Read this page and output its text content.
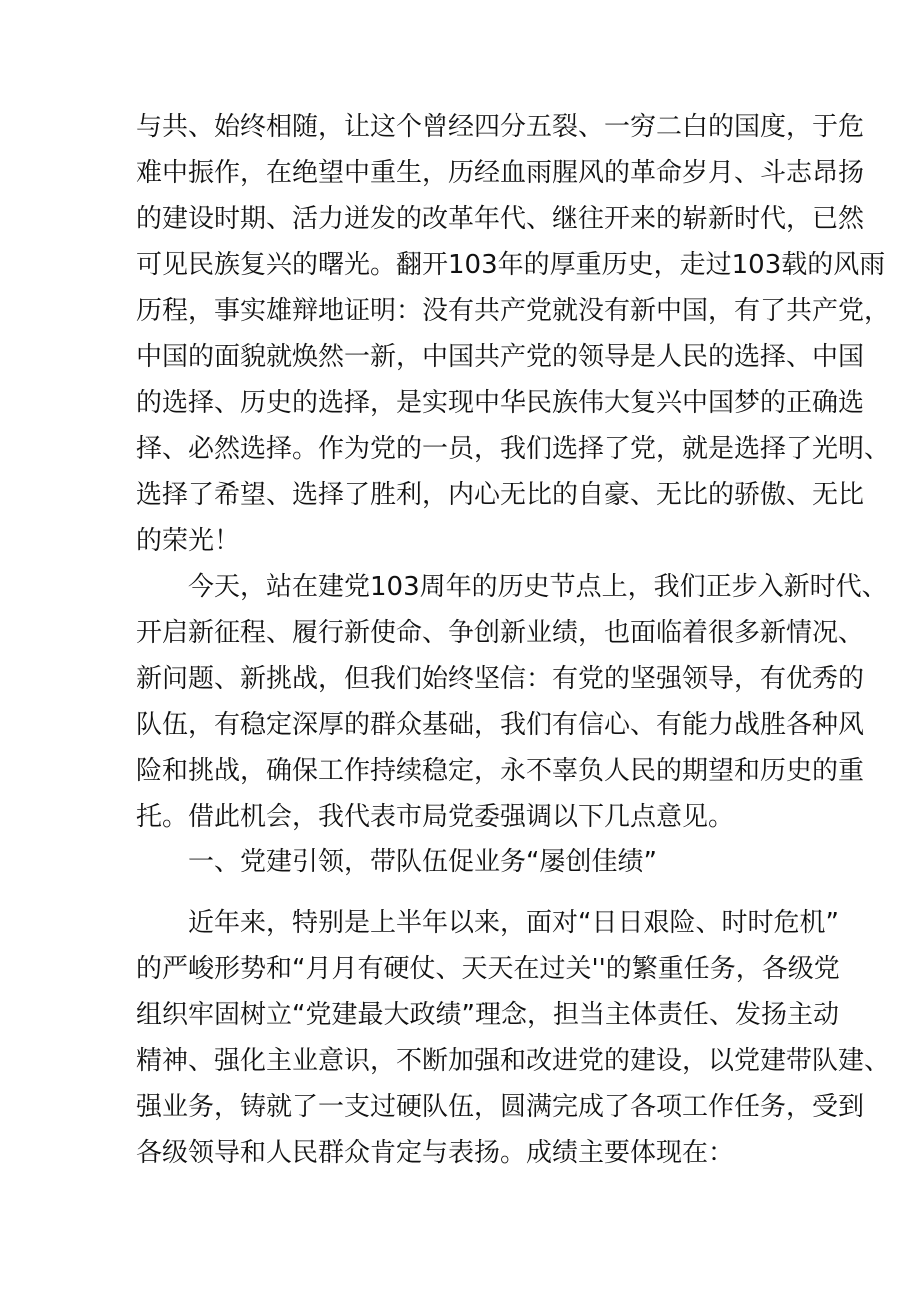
与共、始终相随，让这个曾经四分五裂、一穷二白的国度，于危
难中振作，在绝望中重生，历经血雨腥风的革命岁月、斗志昂扬
的建设时期、活力迸发的改革年代、继往开来的崭新时代，已然
可见民族复兴的曙光。翻开103年的厚重历史，走过103载的风雨
历程，事实雄辩地证明：没有共产党就没有新中国，有了共产党，
中国的面貌就焕然一新，中国共产党的领导是人民的选择、中国
的选择、历史的选择，是实现中华民族伟大复兴中国梦的正确选
择、必然选择。作为党的一员，我们选择了党，就是选择了光明、
选择了希望、选择了胜利，内心无比的自豪、无比的骄傲、无比
的荣光！
今天，站在建党103周年的历史节点上，我们正步入新时代、
开启新征程、履行新使命、争创新业绩，也面临着很多新情况、
新问题、新挑战，但我们始终坚信：有党的坚强领导，有优秀的
队伍，有稳定深厚的群众基础，我们有信心、有能力战胜各种风
险和挑战，确保工作持续稳定，永不辜负人民的期望和历史的重
托。借此机会，我代表市局党委强调以下几点意见。
一、党建引领，带队伍促业务“屡创佳绩”
近年来，特别是上半年以来，面对“日日艰险、时时危机”
的严峻形势和“月月有硬仗、天天在过关''的繁重任务，各级党
组织牢固树立“党建最大政绩”理念，担当主体责任、发扬主动
精神、强化主业意识，不断加强和改进党的建设，以党建带队建、
强业务，铸就了一支过硬队伍，圆满完成了各项工作任务，受到
各级领导和人民群众肯定与表扬。成绩主要体现在：
